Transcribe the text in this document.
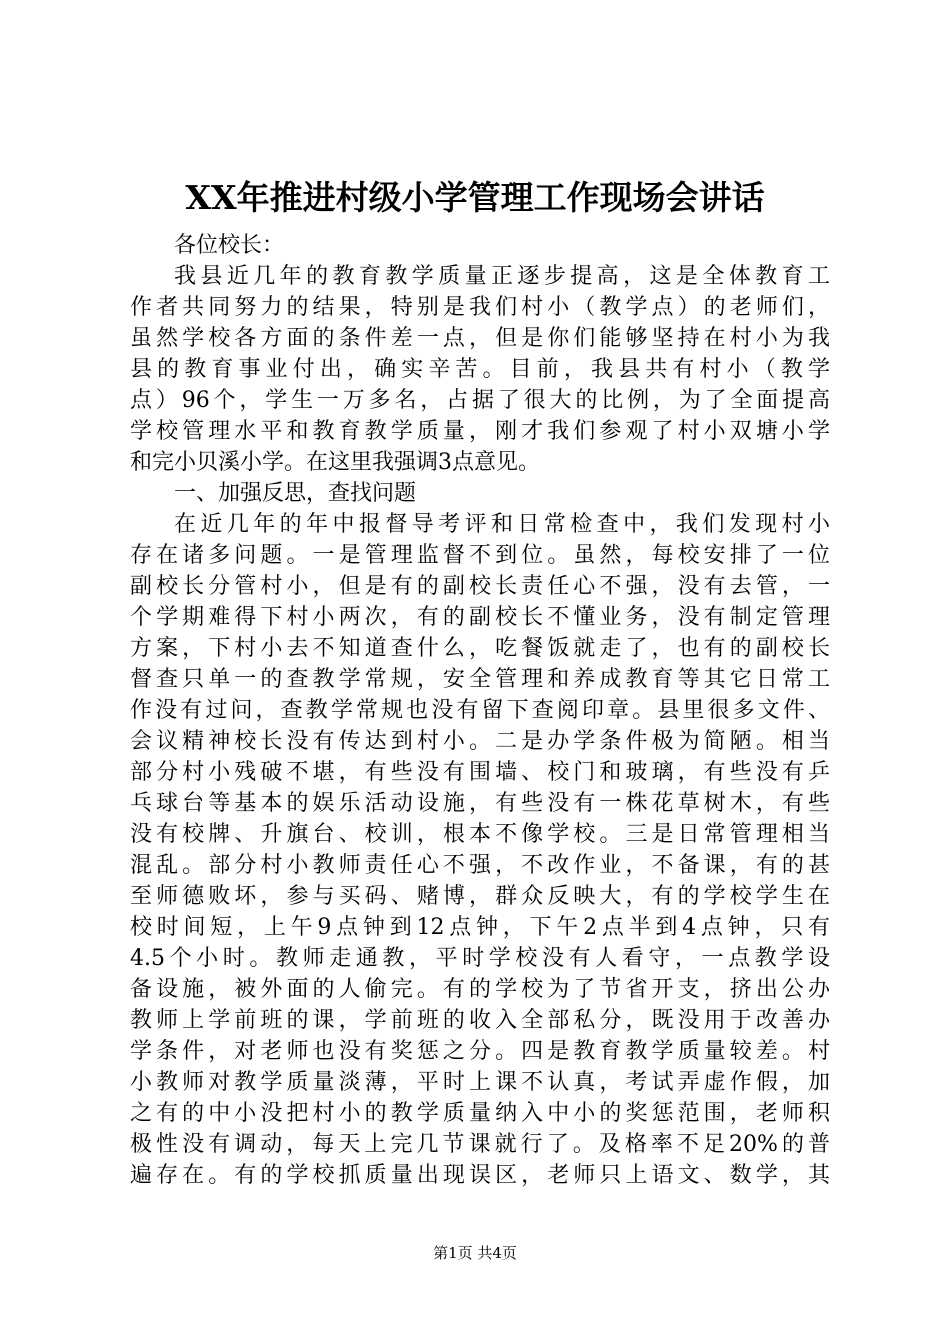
XX年推进村级小学管理工作现场会讲话
各位校长：
我县近几年的教育教学质量正逐步提高，这是全体教育工
作者共同努力的结果，特别是我们村小（教学点）的老师们，
虽然学校各方面的条件差一点，但是你们能够坚持在村小为我
县的教育事业付出，确实辛苦。目前，我县共有村小（教学
点）96个，学生一万多名，占据了很大的比例，为了全面提高
学校管理水平和教育教学质量，刚才我们参观了村小双塘小学
和完小贝溪小学。在这里我强调3点意见。
一、加强反思，查找问题
在近几年的年中报督导考评和日常检查中，我们发现村小
存在诸多问题。一是管理监督不到位。虽然，每校安排了一位
副校长分管村小，但是有的副校长责任心不强，没有去管，一
个学期难得下村小两次，有的副校长不懂业务，没有制定管理
方案，下村小去不知道查什么，吃餐饭就走了，也有的副校长
督查只单一的查教学常规，安全管理和养成教育等其它日常工
作没有过问，查教学常规也没有留下查阅印章。县里很多文件、
会议精神校长没有传达到村小。二是办学条件极为简陋。相当
部分村小残破不堪，有些没有围墙、校门和玻璃，有些没有乒
乓球台等基本的娱乐活动设施，有些没有一株花草树木，有些
没有校牌、升旗台、校训，根本不像学校。三是日常管理相当
混乱。部分村小教师责任心不强，不改作业，不备课，有的甚
至师德败坏，参与买码、赌博，群众反映大，有的学校学生在
校时间短，上午9点钟到12点钟，下午2点半到4点钟，只有
4.5个小时。教师走通教，平时学校没有人看守，一点教学设
备设施，被外面的人偷完。有的学校为了节省开支，挤出公办
教师上学前班的课，学前班的收入全部私分，既没用于改善办
学条件，对老师也没有奖惩之分。四是教育教学质量较差。村
小教师对教学质量淡薄，平时上课不认真，考试弄虚作假，加
之有的中小没把村小的教学质量纳入中小的奖惩范围，老师积
极性没有调动，每天上完几节课就行了。及格率不足20%的普
遍存在。有的学校抓质量出现误区，老师只上语文、数学，其
第1页 共4页
